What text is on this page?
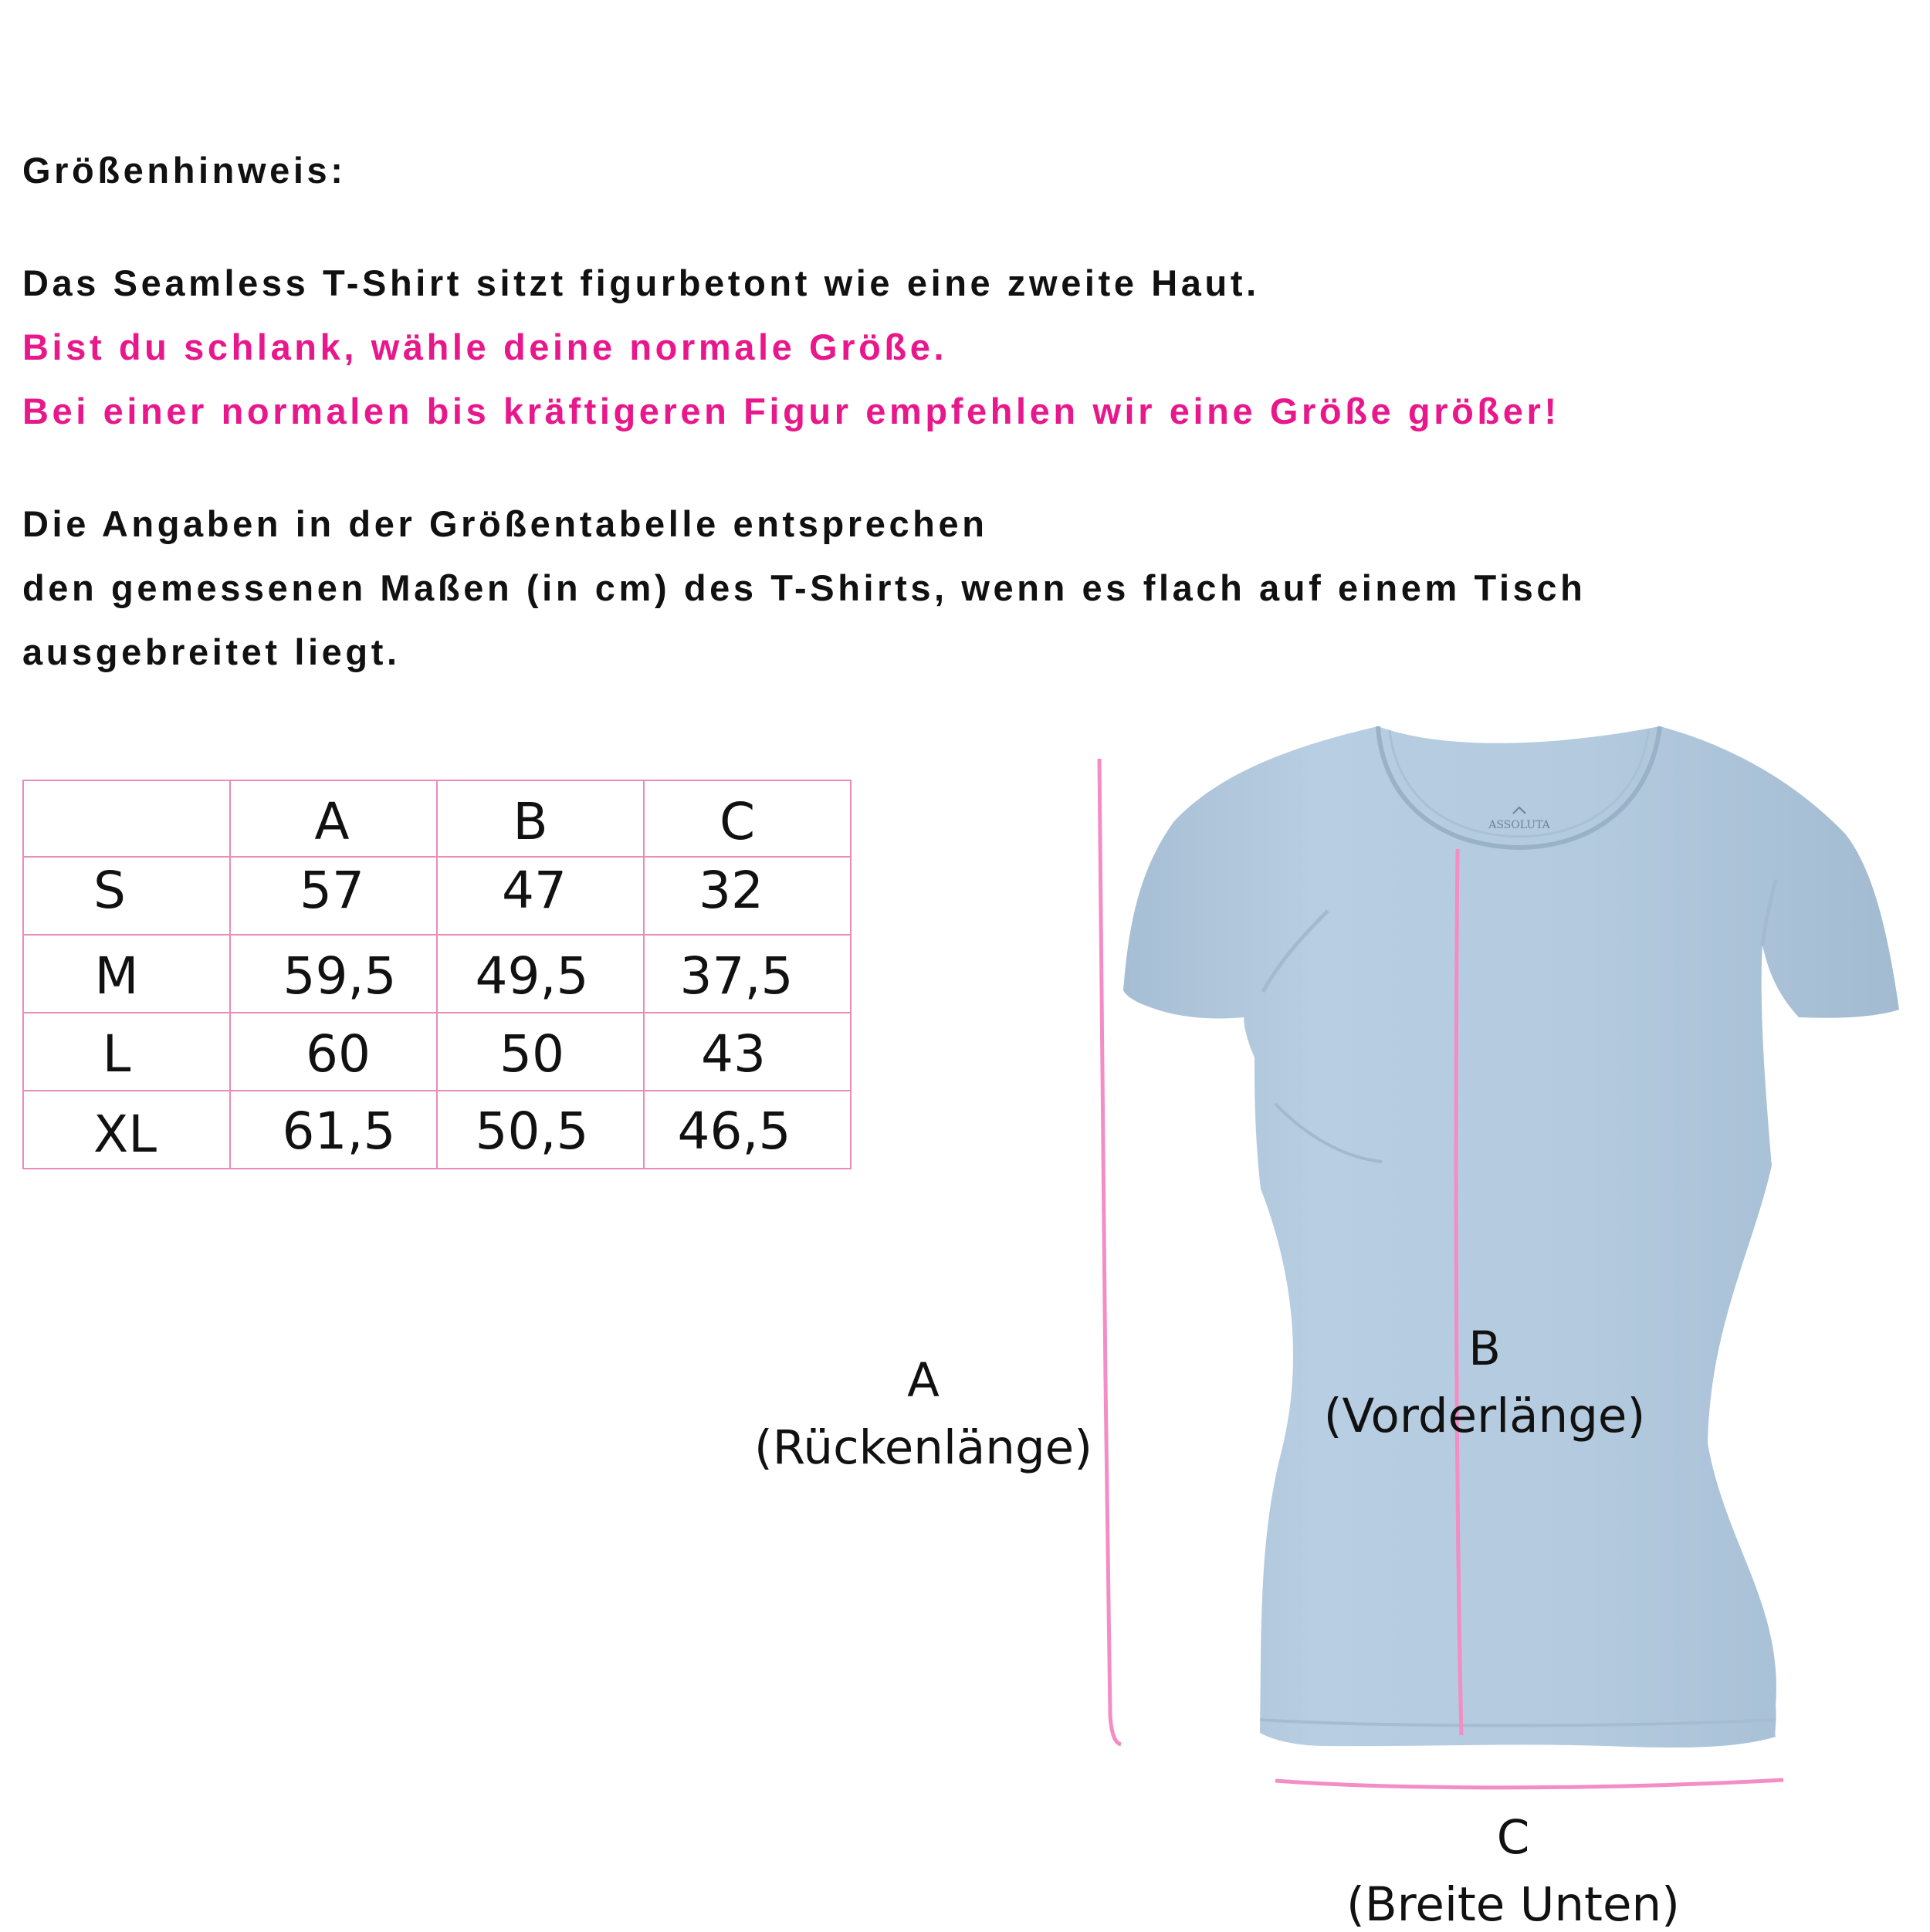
Größenhinweis:

Das Seamless T-Shirt sitzt figurbetont wie eine zweite Haut.

Bist du schlank, wähle deine normale Größe.

Bei einer normalen bis kräftigeren Figur empfehlen wir eine Größe größer!

Die Angaben in der Größentabelle entsprechen

den gemessenen Maßen (in cm) des T-Shirts, wenn es flach auf einem Tisch

ausgebreitet liegt.

	A	B	C
S	57	47	32
M	59,5	49,5	37,5
L	60	50	43
XL	61,5	50,5	46,5
ASSOLUTA
A
(Rückenlänge)
B
(Vorderlänge)
C
(Breite Unten)
